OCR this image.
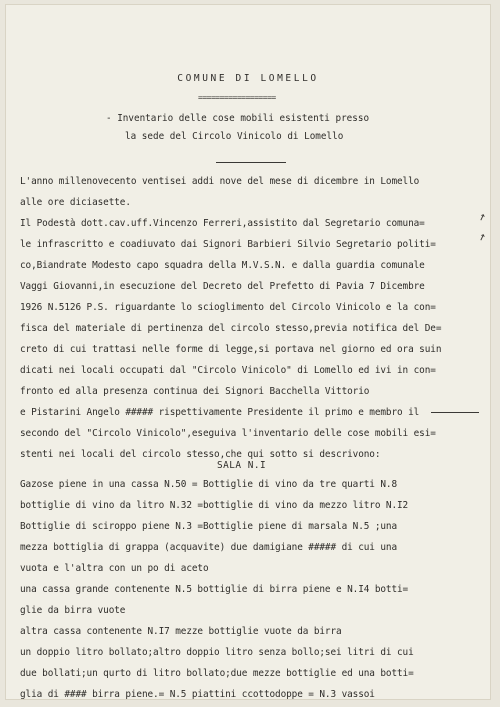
COMUNE DI LOMELLO
==================
- Inventario delle cose mobili esistenti presso
la sede del Circolo Vinicolo di Lomello
L'anno millenovecento ventisei addi nove del mese di dicembre in Lomello
alle ore diciasette.
Il Podestà dott.cav.uff.Vincenzo Ferreri,assistito dal Segretario comuna=
le infrascritto e coadiuvato dai Signori Barbieri Silvio Segretario politi=
co,Biandrate Modesto capo squadra della M.V.S.N. e dalla guardia comunale
Vaggi Giovanni,in esecuzione del Decreto del Prefetto di Pavia 7 Dicembre
1926 N.5126 P.S. riguardante lo scioglimento del Circolo Vinicolo e la con=
fisca del materiale di pertinenza del circolo stesso,previa notifica del De=
creto di cui trattasi nelle forme di legge,si portava nel giorno ed ora suin
dicati nei locali occupati dal "Circolo Vinicolo" di Lomello ed ivi in con=
fronto ed alla presenza continua dei Signori Bacchella Vittorio
e Pistarini Angelo ##### rispettivamente Presidente il primo e membro il
secondo del "Circolo Vinicolo",eseguiva l'inventario delle cose mobili esi=
stenti nei locali del circolo stesso,che qui sotto si descrivono:
SALA N.I
Gazose piene in una cassa N.50 = Bottiglie di vino da tre quarti N.8
bottiglie di vino da litro N.32 =bottiglie di vino da mezzo litro N.I2
Bottiglie di sciroppo piene N.3 =Bottiglie piene di marsala N.5 ;una
mezza bottiglia di grappa (acquavite) due damigiane ##### di cui una
vuota e l'altra con un po di aceto
una cassa grande contenente N.5 bottiglie di birra piene e N.I4 botti=
glie da birra vuote
altra cassa contenente N.I7 mezze bottiglie vuote da birra
un doppio litro bollato;altro doppio litro senza bollo;sei litri di cui
due bollati;un qurto di litro bollato;due mezze bottiglie ed una botti=
glia di #### birra piene.= N.5 piattini ccottodoppe = N.3 vassoi
↗
↗
